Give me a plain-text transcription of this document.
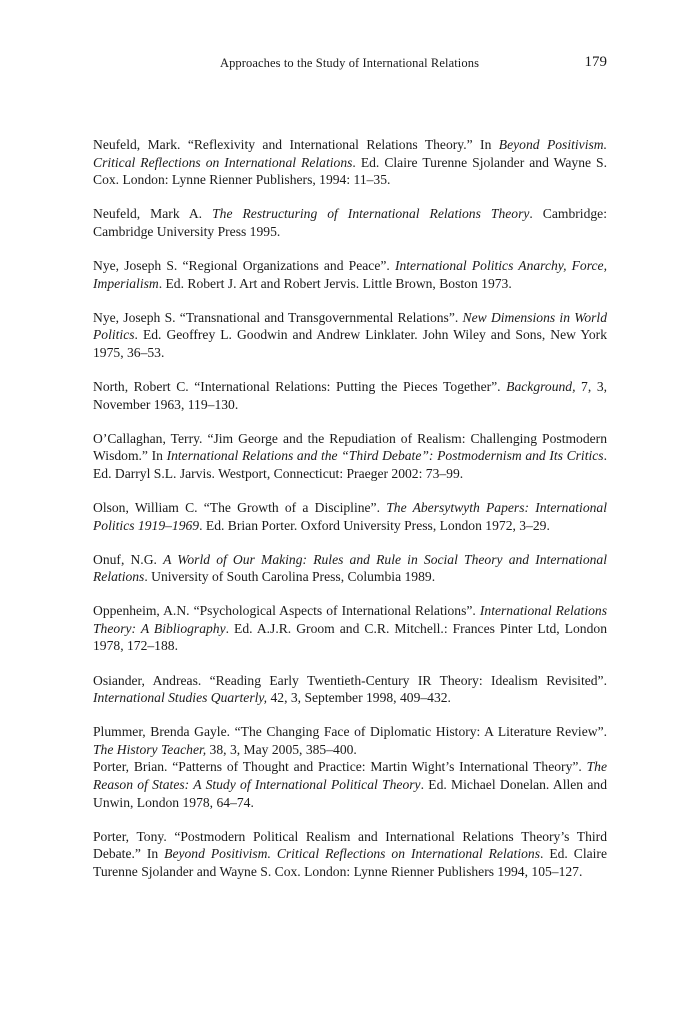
Approaches to the Study of International Relations	179

Neufeld, Mark. “Reflexivity and International Relations Theory.” In Beyond Positivism. Critical Reflections on International Relations. Ed. Claire Turenne Sjolander and Wayne S. Cox. London: Lynne Rienner Publishers, 1994: 11–35.

Neufeld, Mark A. The Restructuring of International Relations Theory. Cambridge: Cambridge University Press 1995.

Nye, Joseph S. “Regional Organizations and Peace”. International Politics Anarchy, Force, Imperialism. Ed. Robert J. Art and Robert Jervis. Little Brown, Boston 1973.

Nye, Joseph S. “Transnational and Transgovernmental Relations”. New Dimensions in World Politics. Ed. Geoffrey L. Goodwin and Andrew Linklater. John Wiley and Sons, New York 1975, 36–53.

North, Robert C. “International Relations: Putting the Pieces Together”. Background, 7, 3, November 1963, 119–130.

O’Callaghan, Terry. “Jim George and the Repudiation of Realism: Challenging Postmodern Wisdom.” In International Relations and the “Third Debate”: Postmodernism and Its Critics. Ed. Darryl S.L. Jarvis. Westport, Connecticut: Praeger 2002: 73–99.

Olson, William C. “The Growth of a Discipline”. The Abersytwyth Papers: International Politics 1919–1969. Ed. Brian Porter. Oxford University Press, London 1972, 3–29.

Onuf, N.G. A World of Our Making: Rules and Rule in Social Theory and International Relations. University of South Carolina Press, Columbia 1989.

Oppenheim, A.N. “Psychological Aspects of International Relations”. International Relations Theory: A Bibliography. Ed. A.J.R. Groom and C.R. Mitchell.: Frances Pinter Ltd, London 1978, 172–188.

Osiander, Andreas. “Reading Early Twentieth-Century IR Theory: Idealism Revisited”. International Studies Quarterly, 42, 3, September 1998, 409–432.

Plummer, Brenda Gayle. “The Changing Face of Diplomatic History: A Literature Review”. The History Teacher, 38, 3, May 2005, 385–400.

Porter, Brian. “Patterns of Thought and Practice: Martin Wight’s International Theory”. The Reason of States: A Study of International Political Theory. Ed. Michael Donelan. Allen and Unwin, London 1978, 64–74.

Porter, Tony. “Postmodern Political Realism and International Relations Theory’s Third Debate.” In Beyond Positivism. Critical Reflections on International Relations. Ed. Claire Turenne Sjolander and Wayne S. Cox. London: Lynne Rienner Publishers 1994, 105–127.
